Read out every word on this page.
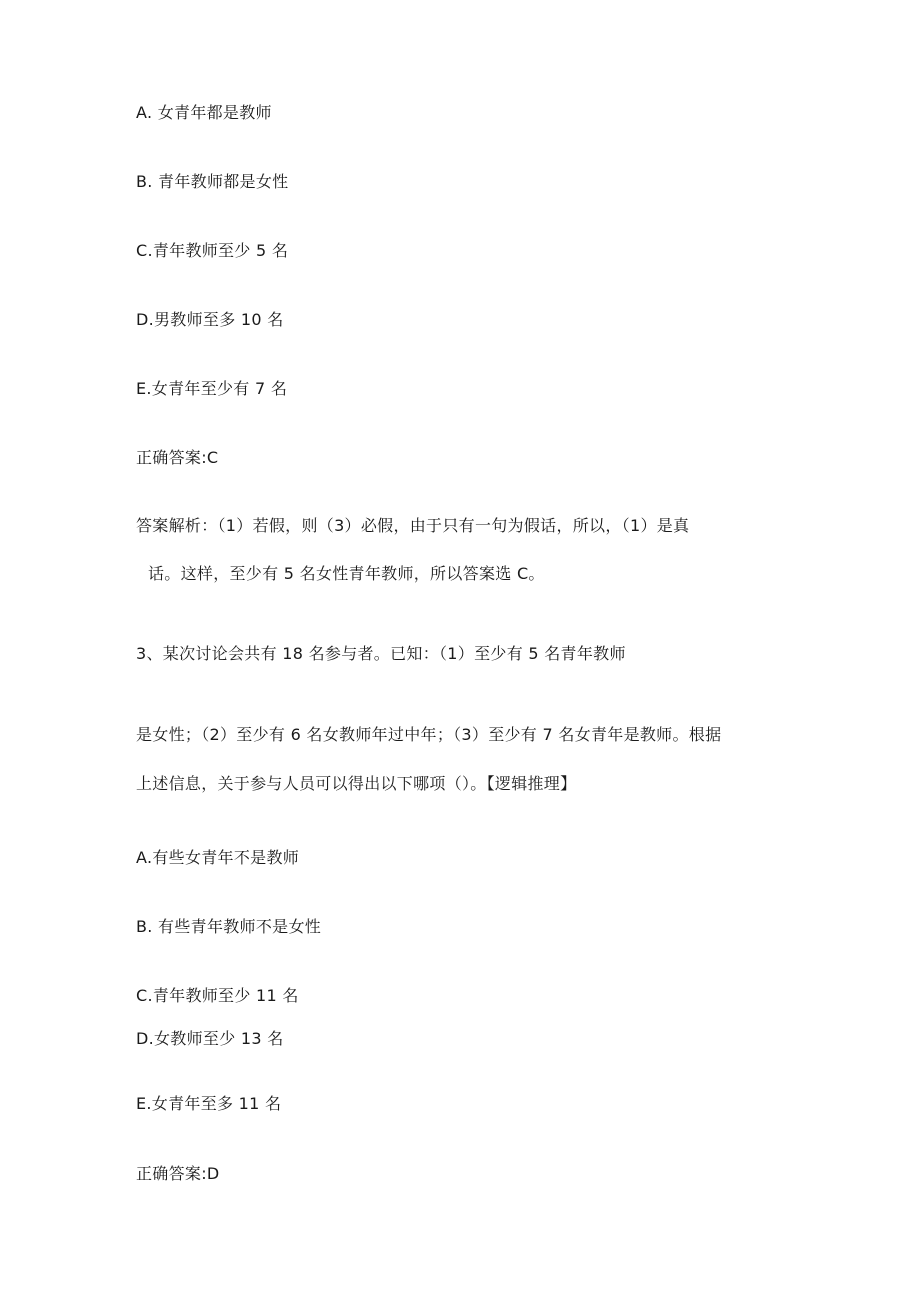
A. 女青年都是教师
B. 青年教师都是女性
C.青年教师至少 5 名
D.男教师至多 10 名
E.女青年至少有 7 名
正确答案:C
答案解析：（1）若假，则（3）必假，由于只有一句为假话，所以，（1）是真
话。这样，至少有 5 名女性青年教师，所以答案选 C。
3、某次讨论会共有 18 名参与者。已知：（1）至少有 5 名青年教师
是女性；（2）至少有 6 名女教师年过中年；（3）至少有 7 名女青年是教师。根据
上述信息，关于参与人员可以得出以下哪项（）。【逻辑推理】
A.有些女青年不是教师
B. 有些青年教师不是女性
C.青年教师至少 11 名
D.女教师至少 13 名
E.女青年至多 11 名
正确答案:D
